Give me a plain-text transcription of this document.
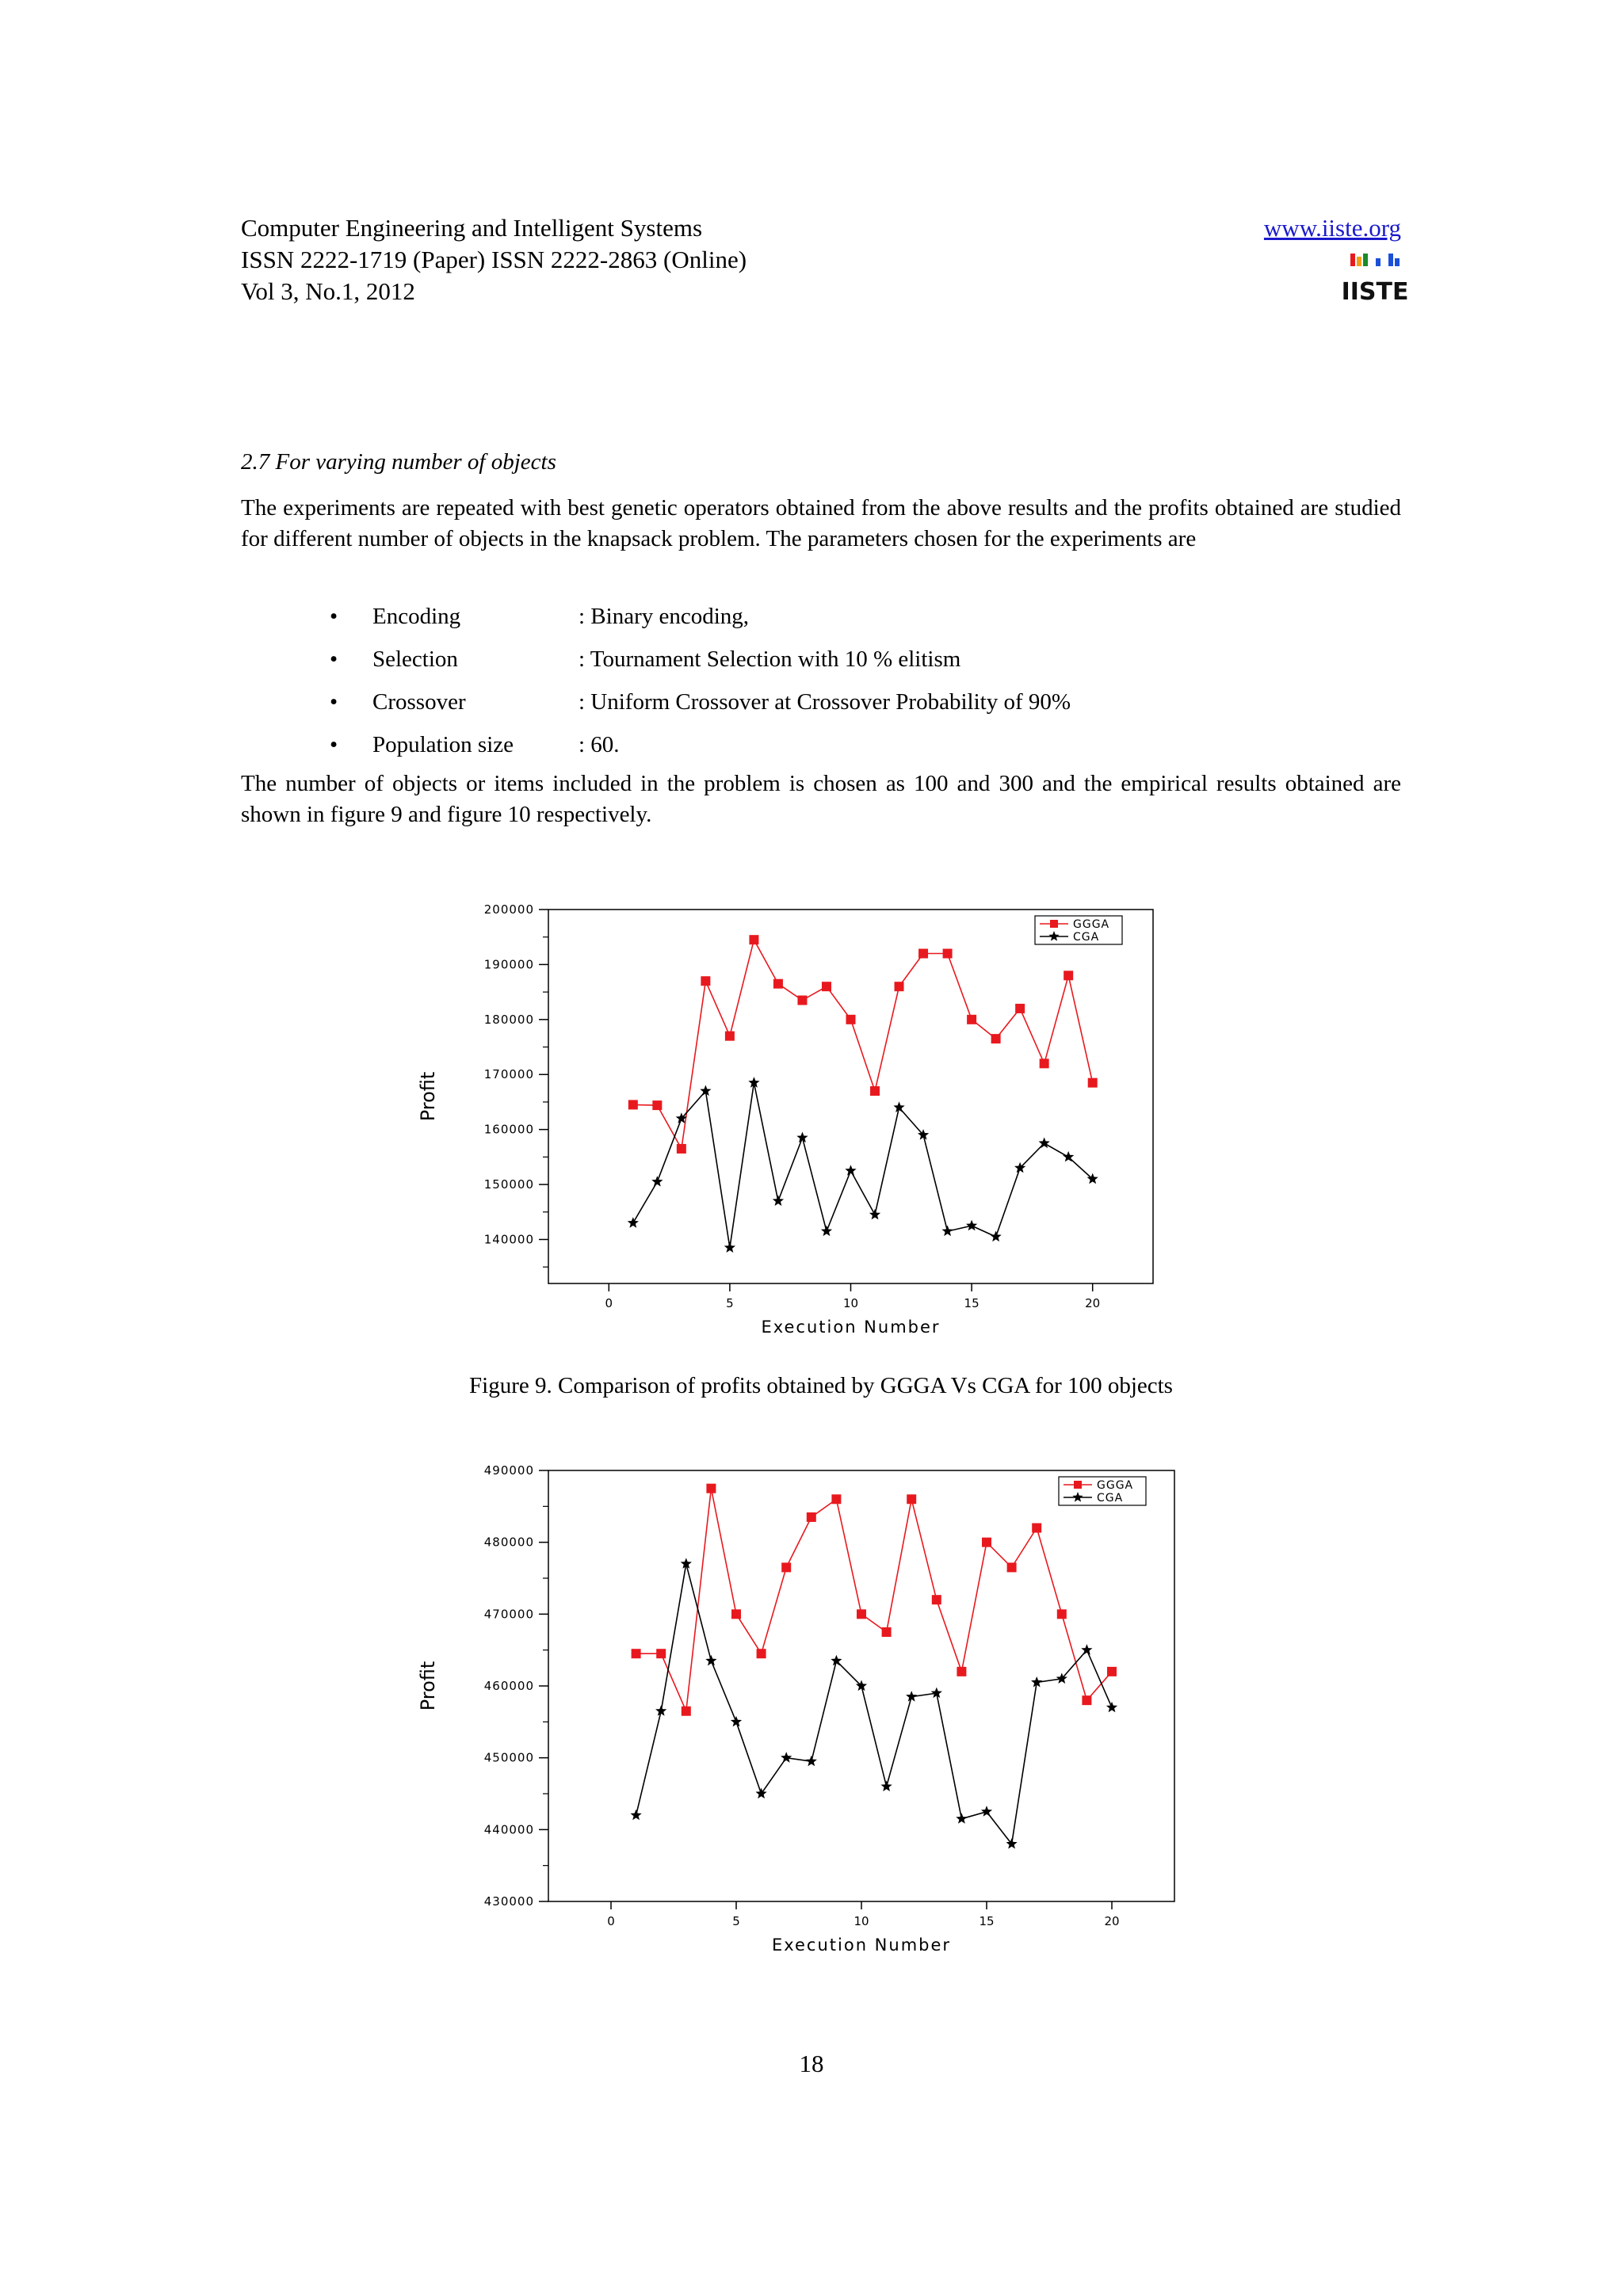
Computer Engineering and Intelligent Systems
ISSN 2222-1719 (Paper) ISSN 2222-2863 (Online)
Vol 3, No.1, 2012
www.iiste.org
IISTE
2.7 For varying number of objects
The experiments are repeated with best genetic operators obtained from the above results and the profits obtained are studied for different number of objects in the knapsack problem. The parameters chosen for the experiments are
• Encoding	: Binary encoding,
• Selection	: Tournament Selection with 10 % elitism
• Crossover	: Uniform Crossover at Crossover Probability of 90%
• Population size	: 60.
The number of objects or items included in the problem is chosen as 100 and 300 and the empirical results obtained are shown in figure 9 and figure 10 respectively.
140000
150000
160000
170000
180000
190000
200000
0	5	10	15	20
Execution Number
Profit
GGGA
CGA
Figure 9. Comparison of profits obtained by GGGA Vs CGA for 100 objects
430000
440000
450000
460000
470000
480000
490000
0	5	10	15	20
Execution Number
Profit
GGGA
CGA
18
